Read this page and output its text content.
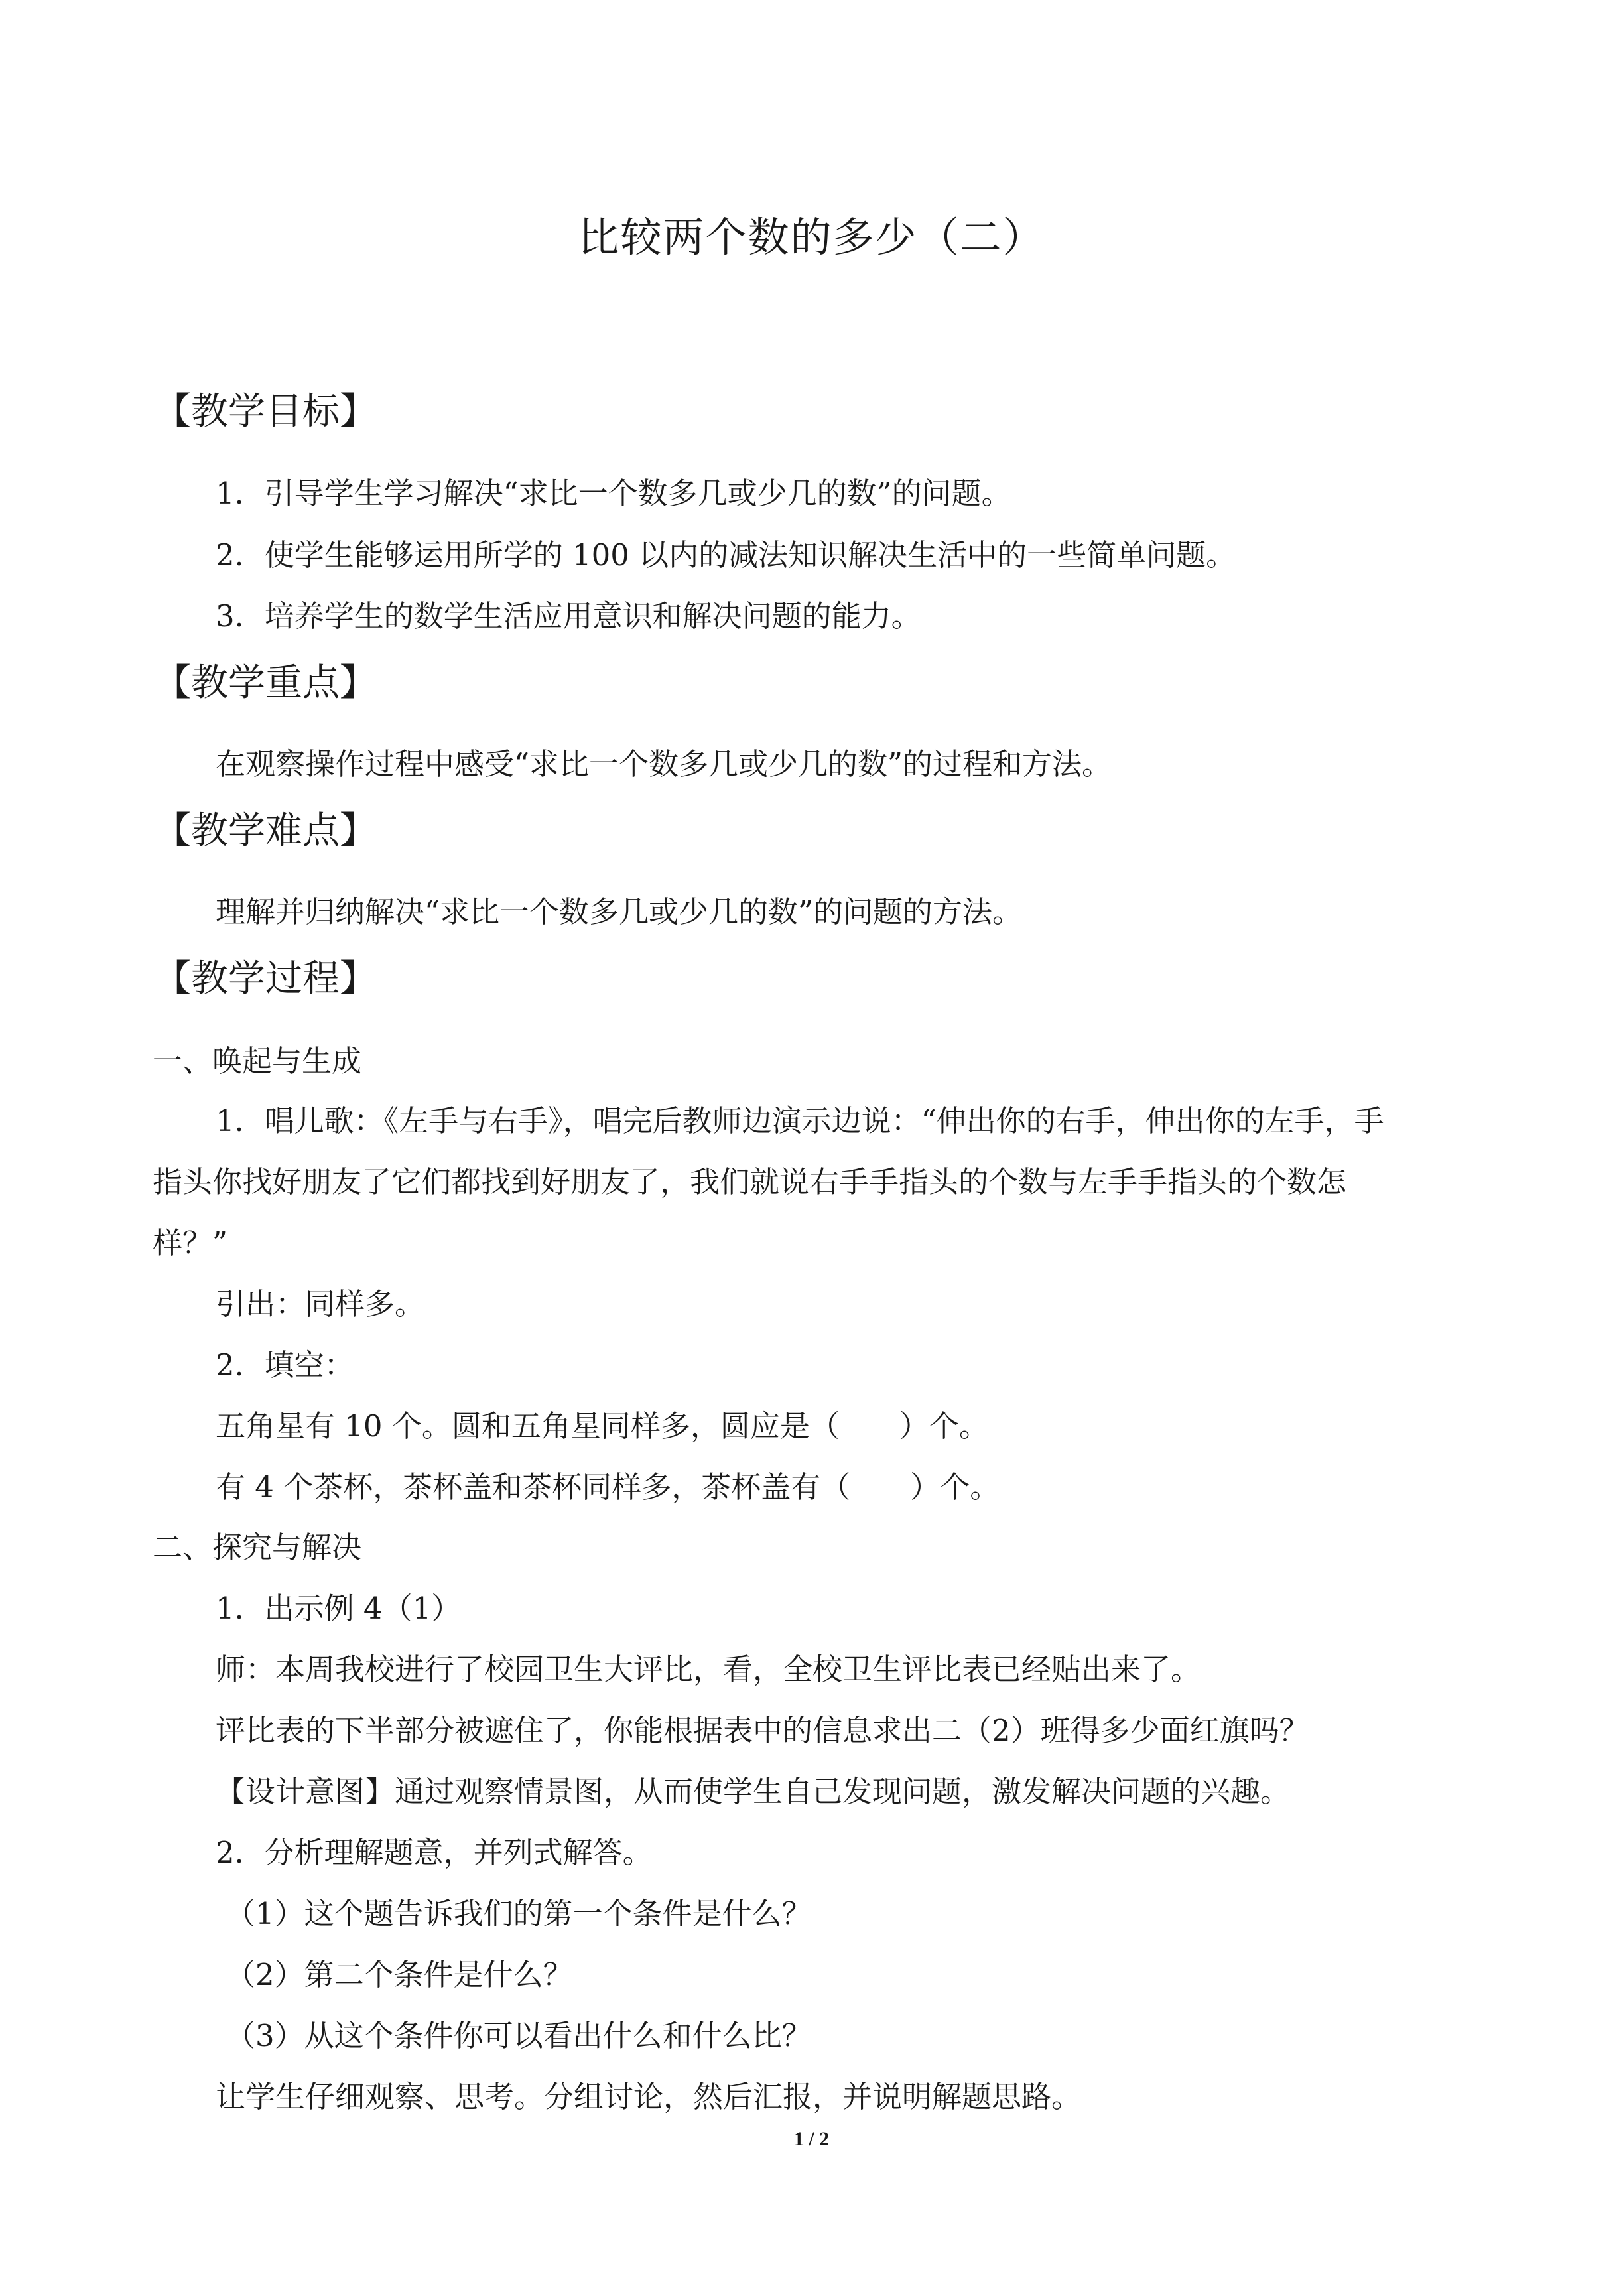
比较两个数的多少（二）
【教学目标】
1．引导学生学习解决“求比一个数多几或少几的数”的问题。
2．使学生能够运用所学的 100 以内的减法知识解决生活中的一些简单问题。
3．培养学生的数学生活应用意识和解决问题的能力。
【教学重点】
在观察操作过程中感受“求比一个数多几或少几的数”的过程和方法。
【教学难点】
理解并归纳解决“求比一个数多几或少几的数”的问题的方法。
【教学过程】
一、唤起与生成
1．唱儿歌：《左手与右手》，唱完后教师边演示边说：“伸出你的右手，伸出你的左手，手
指头你找好朋友了它们都找到好朋友了，我们就说右手手指头的个数与左手手指头的个数怎
样？”
引出：同样多。
2．填空：
五角星有 10 个。圆和五角星同样多，圆应是（　　）个。
有 4 个茶杯，茶杯盖和茶杯同样多，茶杯盖有（　　）个。
二、探究与解决
1．出示例 4（1）
师：本周我校进行了校园卫生大评比，看，全校卫生评比表已经贴出来了。
评比表的下半部分被遮住了，你能根据表中的信息求出二（2）班得多少面红旗吗？
【设计意图】通过观察情景图，从而使学生自己发现问题，激发解决问题的兴趣。
2．分析理解题意，并列式解答。
（1）这个题告诉我们的第一个条件是什么？
（2）第二个条件是什么？
（3）从这个条件你可以看出什么和什么比？
让学生仔细观察、思考。分组讨论，然后汇报，并说明解题思路。
1 / 2
